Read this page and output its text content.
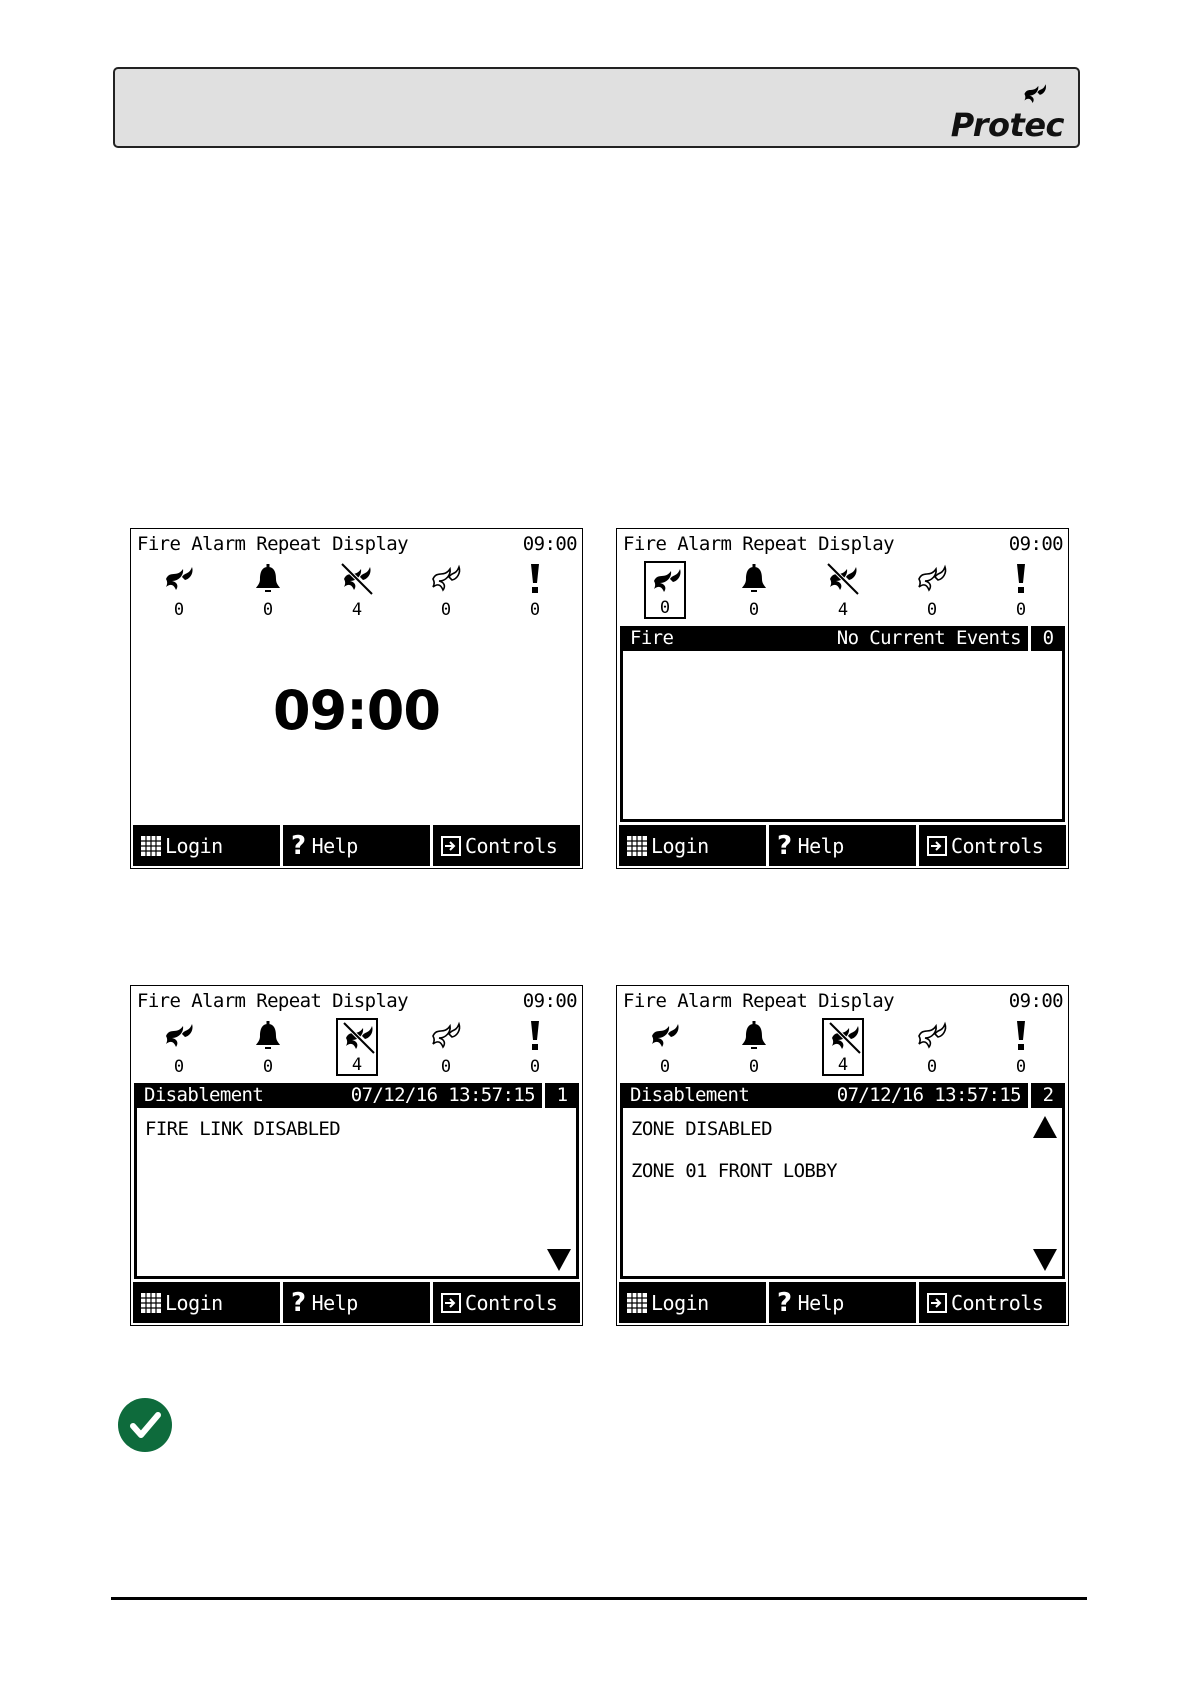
Protec
Fire Alarm Repeat Display	09:00
0	0	4	0	0
09:00
Login	? Help	Controls
Fire Alarm Repeat Display	09:00
0	0	4	0	0
Fire	No Current Events	0
Login	? Help	Controls
Fire Alarm Repeat Display	09:00
0	0	4	0	0
Disablement	07/12/16 13:57:15	1
FIRE LINK DISABLED
Login	? Help	Controls
Fire Alarm Repeat Display	09:00
0	0	4	0	0
Disablement	07/12/16 13:57:15	2
ZONE DISABLED
ZONE 01 FRONT LOBBY
Login	? Help	Controls
